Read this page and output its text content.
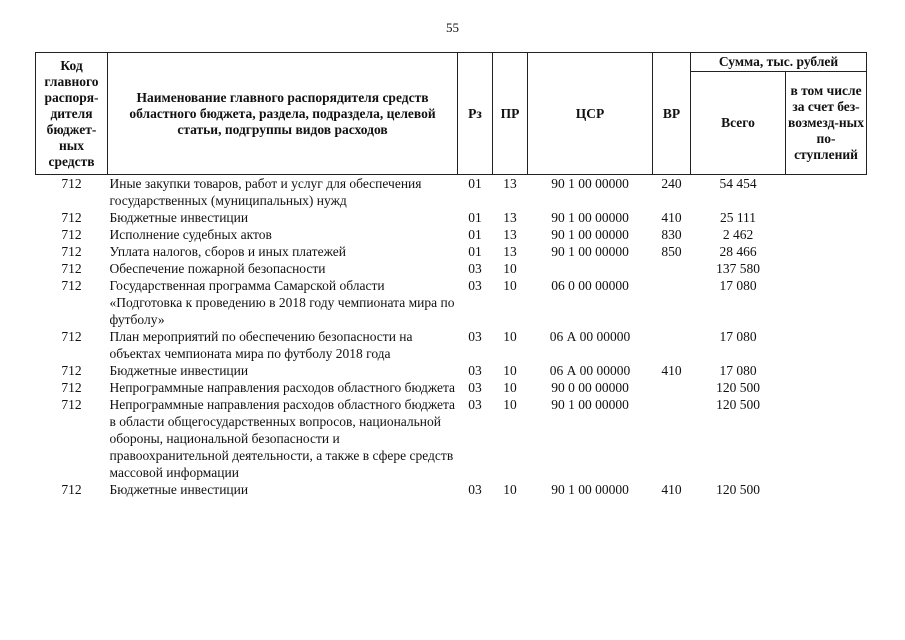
55
Код главного распоря-дителя бюджет-ных средств	Наименование главного распорядителя средств областного бюджета, раздела, подраздела, целевой статьи, подгруппы видов расходов	Рз	ПР	ЦСР	ВР	Сумма, тыс. рублей	
						Всего	в том числе за счет без-возмезд-ных по-ступлений
712	Иные закупки товаров, работ и услуг для обеспечения государственных (муниципальных) нужд	01	13	90 1 00 00000	240	54 454	
712	Бюджетные инвестиции	01	13	90 1 00 00000	410	25 111	
712	Исполнение судебных актов	01	13	90 1 00 00000	830	2 462	
712	Уплата налогов, сборов и иных платежей	01	13	90 1 00 00000	850	28 466	
712	Обеспечение пожарной безопасности	03	10			137 580	
712	Государственная программа Самарской области «Подготовка к проведению в 2018 году чемпионата мира по футболу»	03	10	06 0 00 00000		17 080	
712	План мероприятий по обеспечению безопасности на объектах чемпионата мира по футболу 2018 года	03	10	06 А 00 00000		17 080	
712	Бюджетные инвестиции	03	10	06 А 00 00000	410	17 080	
712	Непрограммные направления расходов областного бюджета	03	10	90 0 00 00000		120 500	
712	Непрограммные направления расходов областного бюджета в области общегосударственных вопросов, национальной обороны, национальной безопасности и правоохранительной деятельности, а также в сфере средств массовой информации	03	10	90 1 00 00000		120 500	
712	Бюджетные инвестиции	03	10	90 1 00 00000	410	120 500	
